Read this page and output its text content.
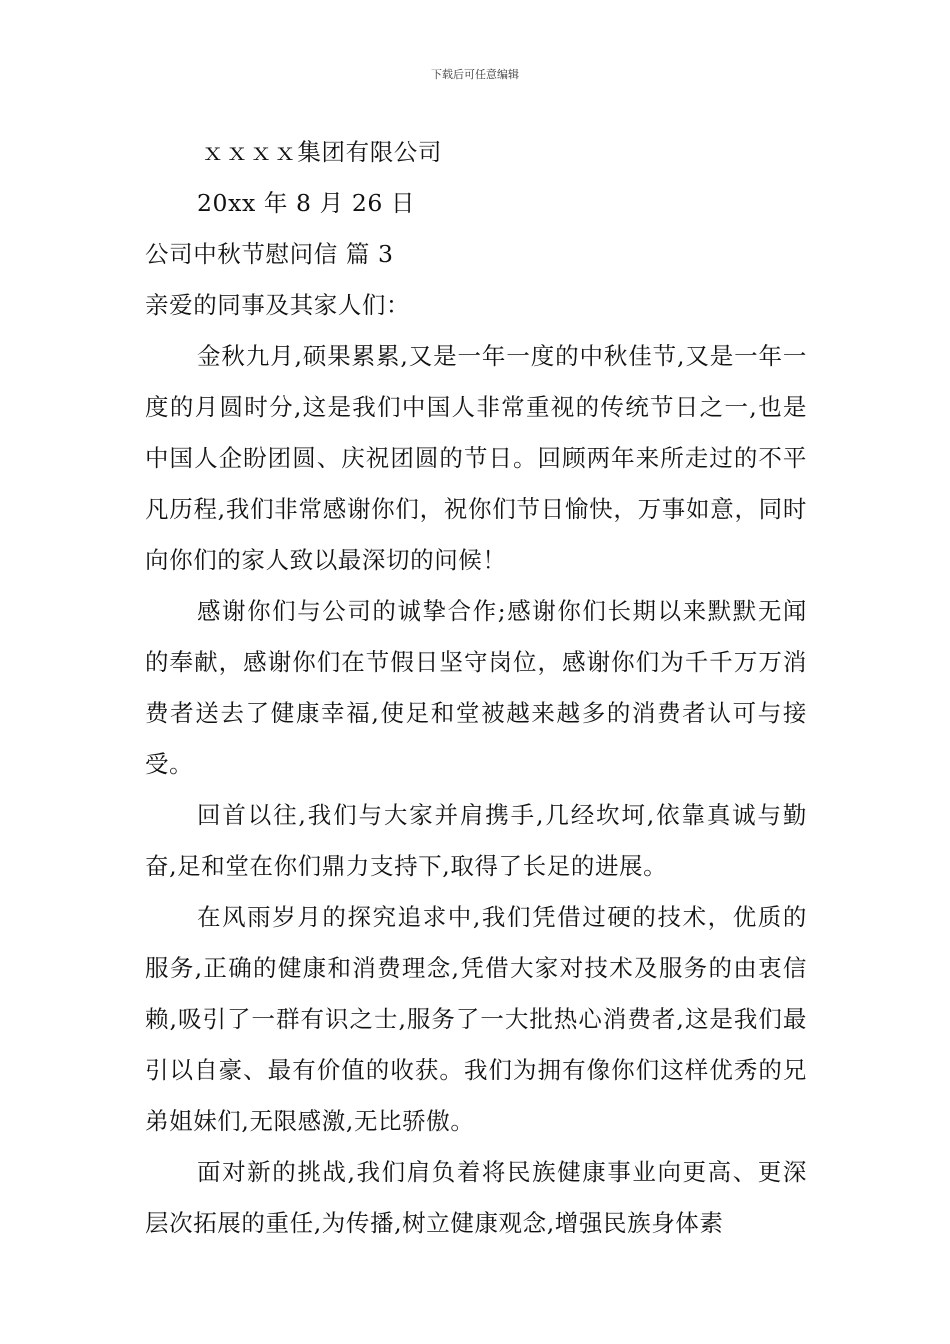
下载后可任意编辑

ｘｘｘｘ集团有限公司

20xx 年 8 月 26 日

公司中秋节慰问信 篇 3

亲爱的同事及其家人们：

金秋九月,硕果累累,又是一年一度的中秋佳节,又是一年一度的月圆时分,这是我们中国人非常重视的传统节日之一,也是中国人企盼团圆、庆祝团圆的节日。回顾两年来所走过的不平凡历程,我们非常感谢你们，祝你们节日愉快，万事如意，同时向你们的家人致以最深切的问候！

感谢你们与公司的诚挚合作;感谢你们长期以来默默无闻的奉献，感谢你们在节假日坚守岗位，感谢你们为千千万万消费者送去了健康幸福,使足和堂被越来越多的消费者认可与接受。

回首以往,我们与大家并肩携手,几经坎坷,依靠真诚与勤奋,足和堂在你们鼎力支持下,取得了长足的进展。

在风雨岁月的探究追求中,我们凭借过硬的技术，优质的服务,正确的健康和消费理念,凭借大家对技术及服务的由衷信赖,吸引了一群有识之士,服务了一大批热心消费者,这是我们最引以自豪、最有价值的收获。我们为拥有像你们这样优秀的兄弟姐妹们,无限感激,无比骄傲。

面对新的挑战,我们肩负着将民族健康事业向更高、更深层次拓展的重任,为传播,树立健康观念,增强民族身体素
